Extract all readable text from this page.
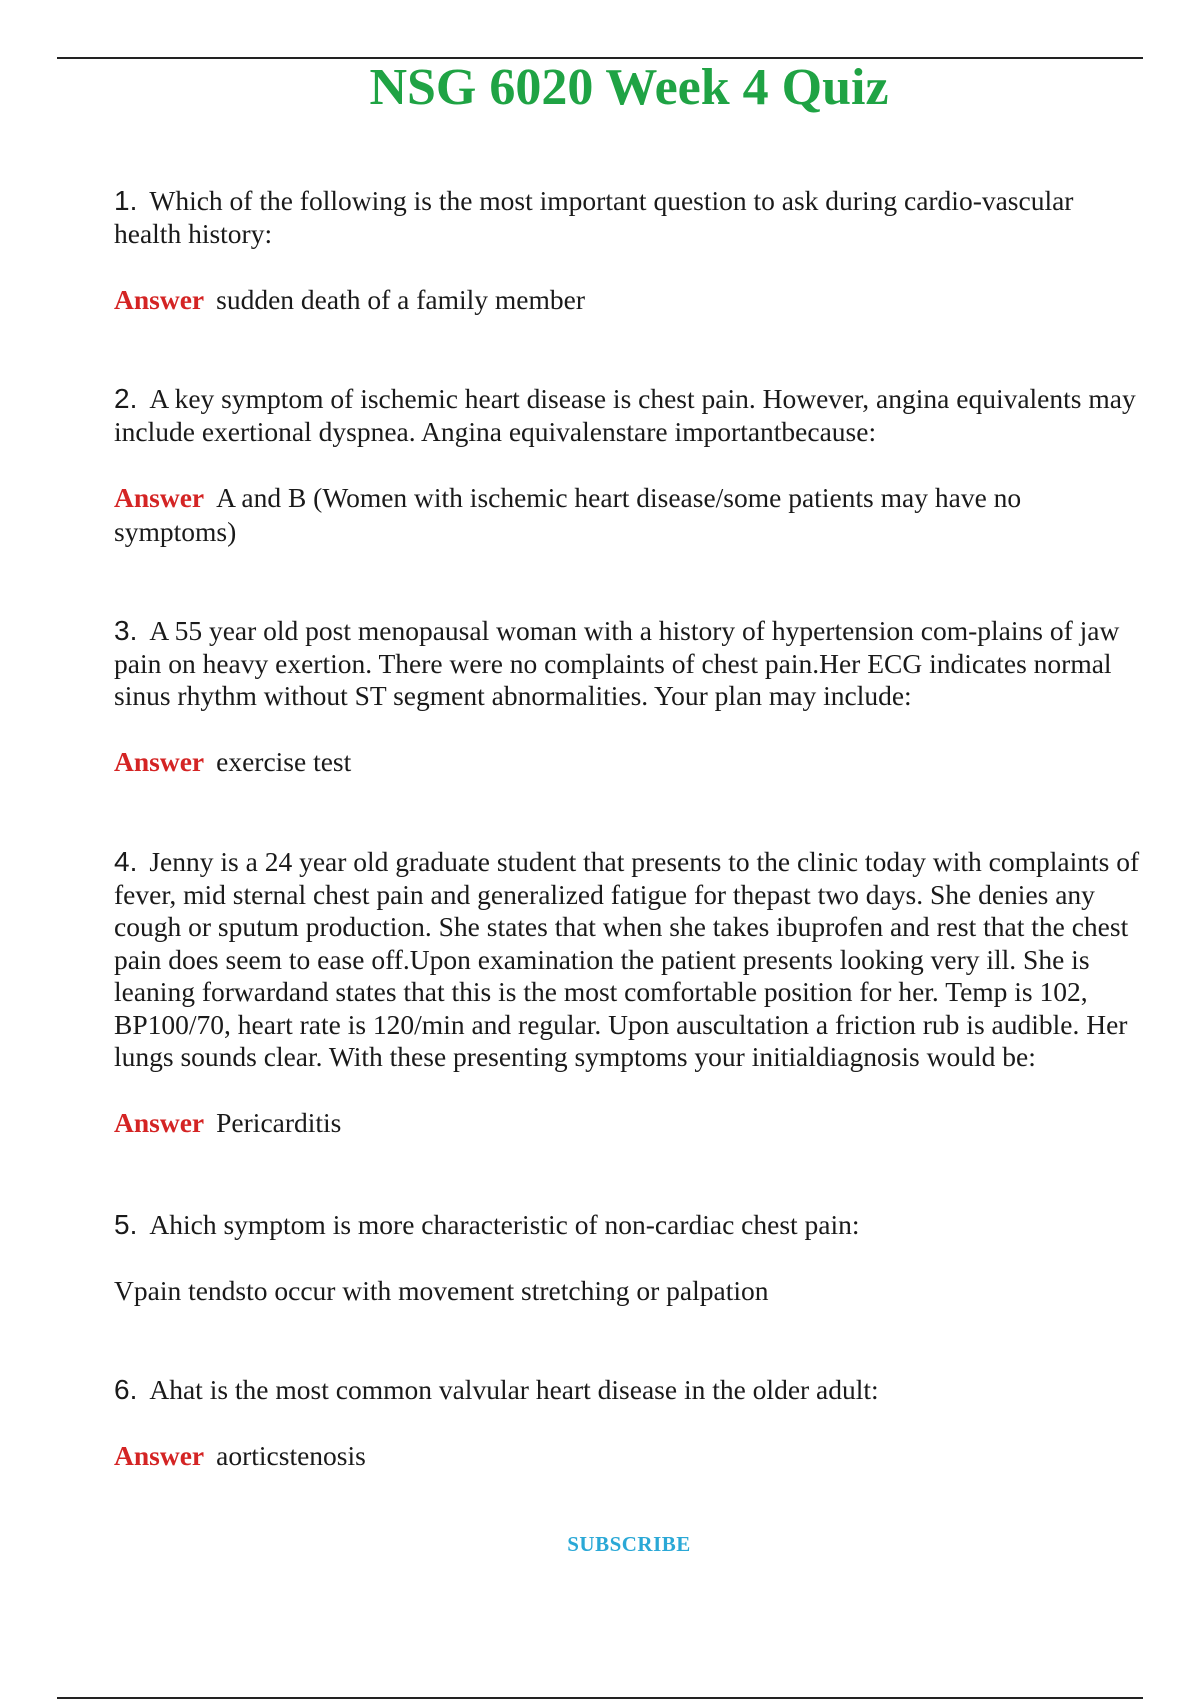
NSG 6020 Week 4 Quiz
1. Which of the following is the most important question to ask during cardio-vascular health history:
Answer sudden death of a family member
2. A key symptom of ischemic heart disease is chest pain. However, angina equivalents may include exertional dyspnea. Angina equivalenstare importantbecause:
Answer A and B (Women with ischemic heart disease/some patients may have no symptoms)
3. A 55 year old post menopausal woman with a history of hypertension com-plains of jaw pain on heavy exertion. There were no complaints of chest pain.Her ECG indicates normal sinus rhythm without ST segment abnormalities. Your plan may include:
Answer exercise test
4. Jenny is a 24 year old graduate student that presents to the clinic today with complaints of fever, mid sternal chest pain and generalized fatigue for thepast two days. She denies any cough or sputum production. She states that when she takes ibuprofen and rest that the chest pain does seem to ease off.Upon examination the patient presents looking very ill. She is leaning forwardand states that this is the most comfortable position for her. Temp is 102, BP100/70, heart rate is 120/min and regular. Upon auscultation a friction rub is audible. Her lungs sounds clear. With these presenting symptoms your initialdiagnosis would be:
Answer Pericarditis
5. Ahich symptom is more characteristic of non-cardiac chest pain:
Vpain tendsto occur with movement stretching or palpation
6. Ahat is the most common valvular heart disease in the older adult:
Answer aorticstenosis
SUBSCRIBE
